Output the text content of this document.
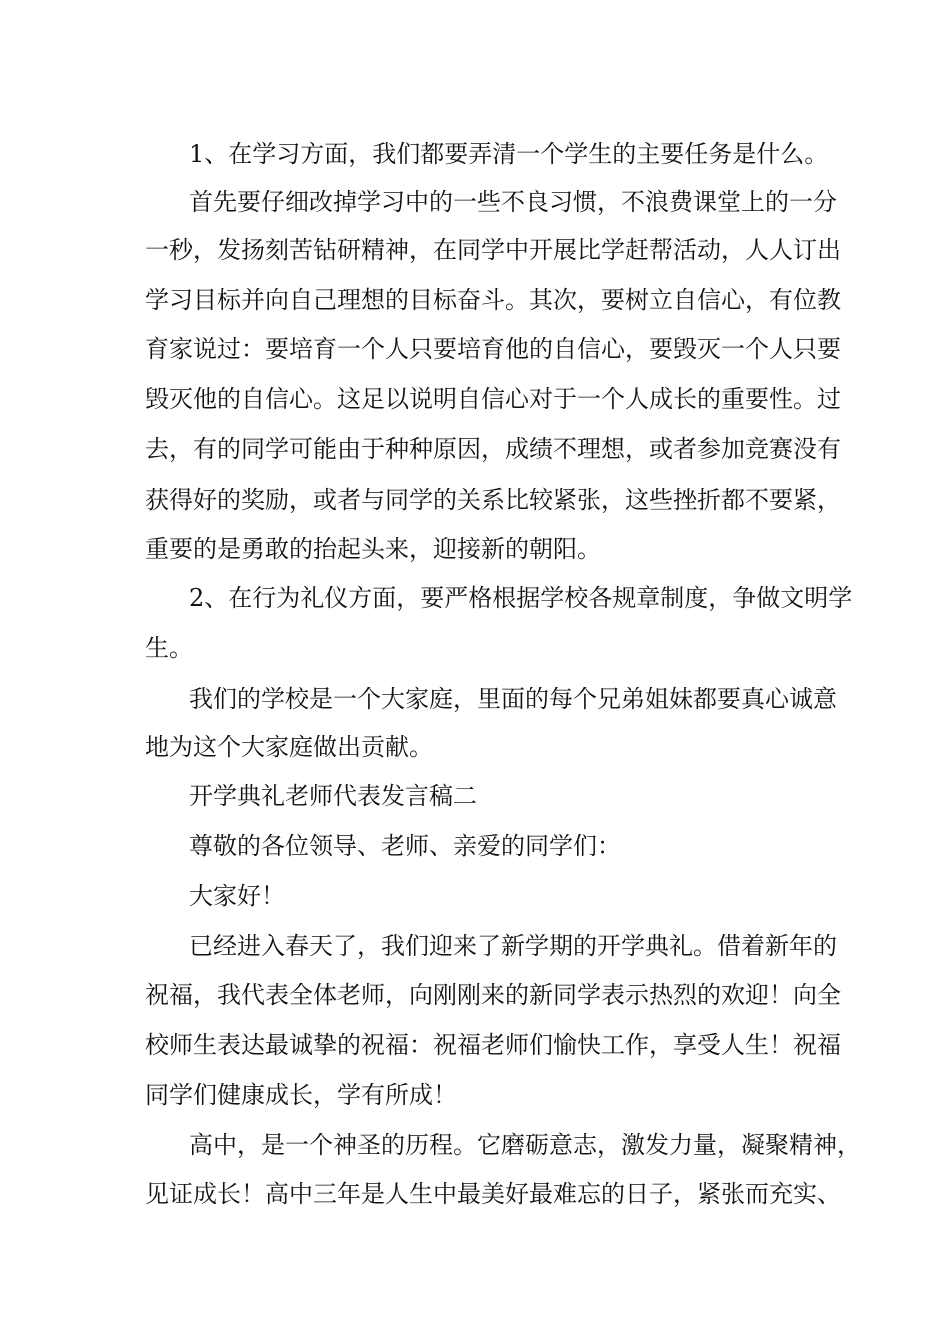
1、在学习方面，我们都要弄清一个学生的主要任务是什么。
首先要仔细改掉学习中的一些不良习惯，不浪费课堂上的一分
一秒，发扬刻苦钻研精神，在同学中开展比学赶帮活动，人人订出
学习目标并向自己理想的目标奋斗。其次，要树立自信心，有位教
育家说过：要培育一个人只要培育他的自信心，要毁灭一个人只要
毁灭他的自信心。这足以说明自信心对于一个人成长的重要性。过
去，有的同学可能由于种种原因，成绩不理想，或者参加竞赛没有
获得好的奖励，或者与同学的关系比较紧张，这些挫折都不要紧，
重要的是勇敢的抬起头来，迎接新的朝阳。
2、在行为礼仪方面，要严格根据学校各规章制度，争做文明学
生。
我们的学校是一个大家庭，里面的每个兄弟姐妹都要真心诚意
地为这个大家庭做出贡献。
开学典礼老师代表发言稿二
尊敬的各位领导、老师、亲爱的同学们：
大家好！
已经进入春天了，我们迎来了新学期的开学典礼。借着新年的
祝福，我代表全体老师，向刚刚来的新同学表示热烈的欢迎！向全
校师生表达最诚挚的祝福：祝福老师们愉快工作，享受人生！祝福
同学们健康成长，学有所成！
高中，是一个神圣的历程。它磨砺意志，激发力量，凝聚精神，
见证成长！高中三年是人生中最美好最难忘的日子，紧张而充实、
